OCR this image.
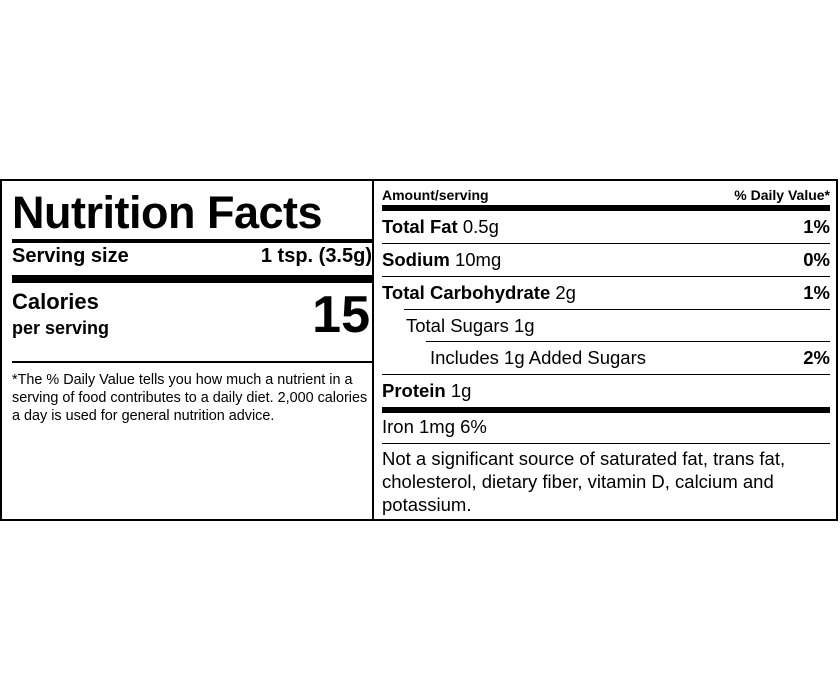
Nutrition Facts
Serving size	1 tsp. (3.5g)
Calories
per serving	15
*The % Daily Value tells you how much a nutrient in a serving of food contributes to a daily diet. 2,000 calories a day is used for general nutrition advice.
Amount/serving	% Daily Value*
Total Fat 0.5g	1%
Sodium 10mg	0%
Total Carbohydrate 2g	1%
Total Sugars 1g
Includes 1g Added Sugars	2%
Protein 1g
Iron 1mg 6%
Not a significant source of saturated fat, trans fat, cholesterol, dietary fiber, vitamin D, calcium and potassium.
